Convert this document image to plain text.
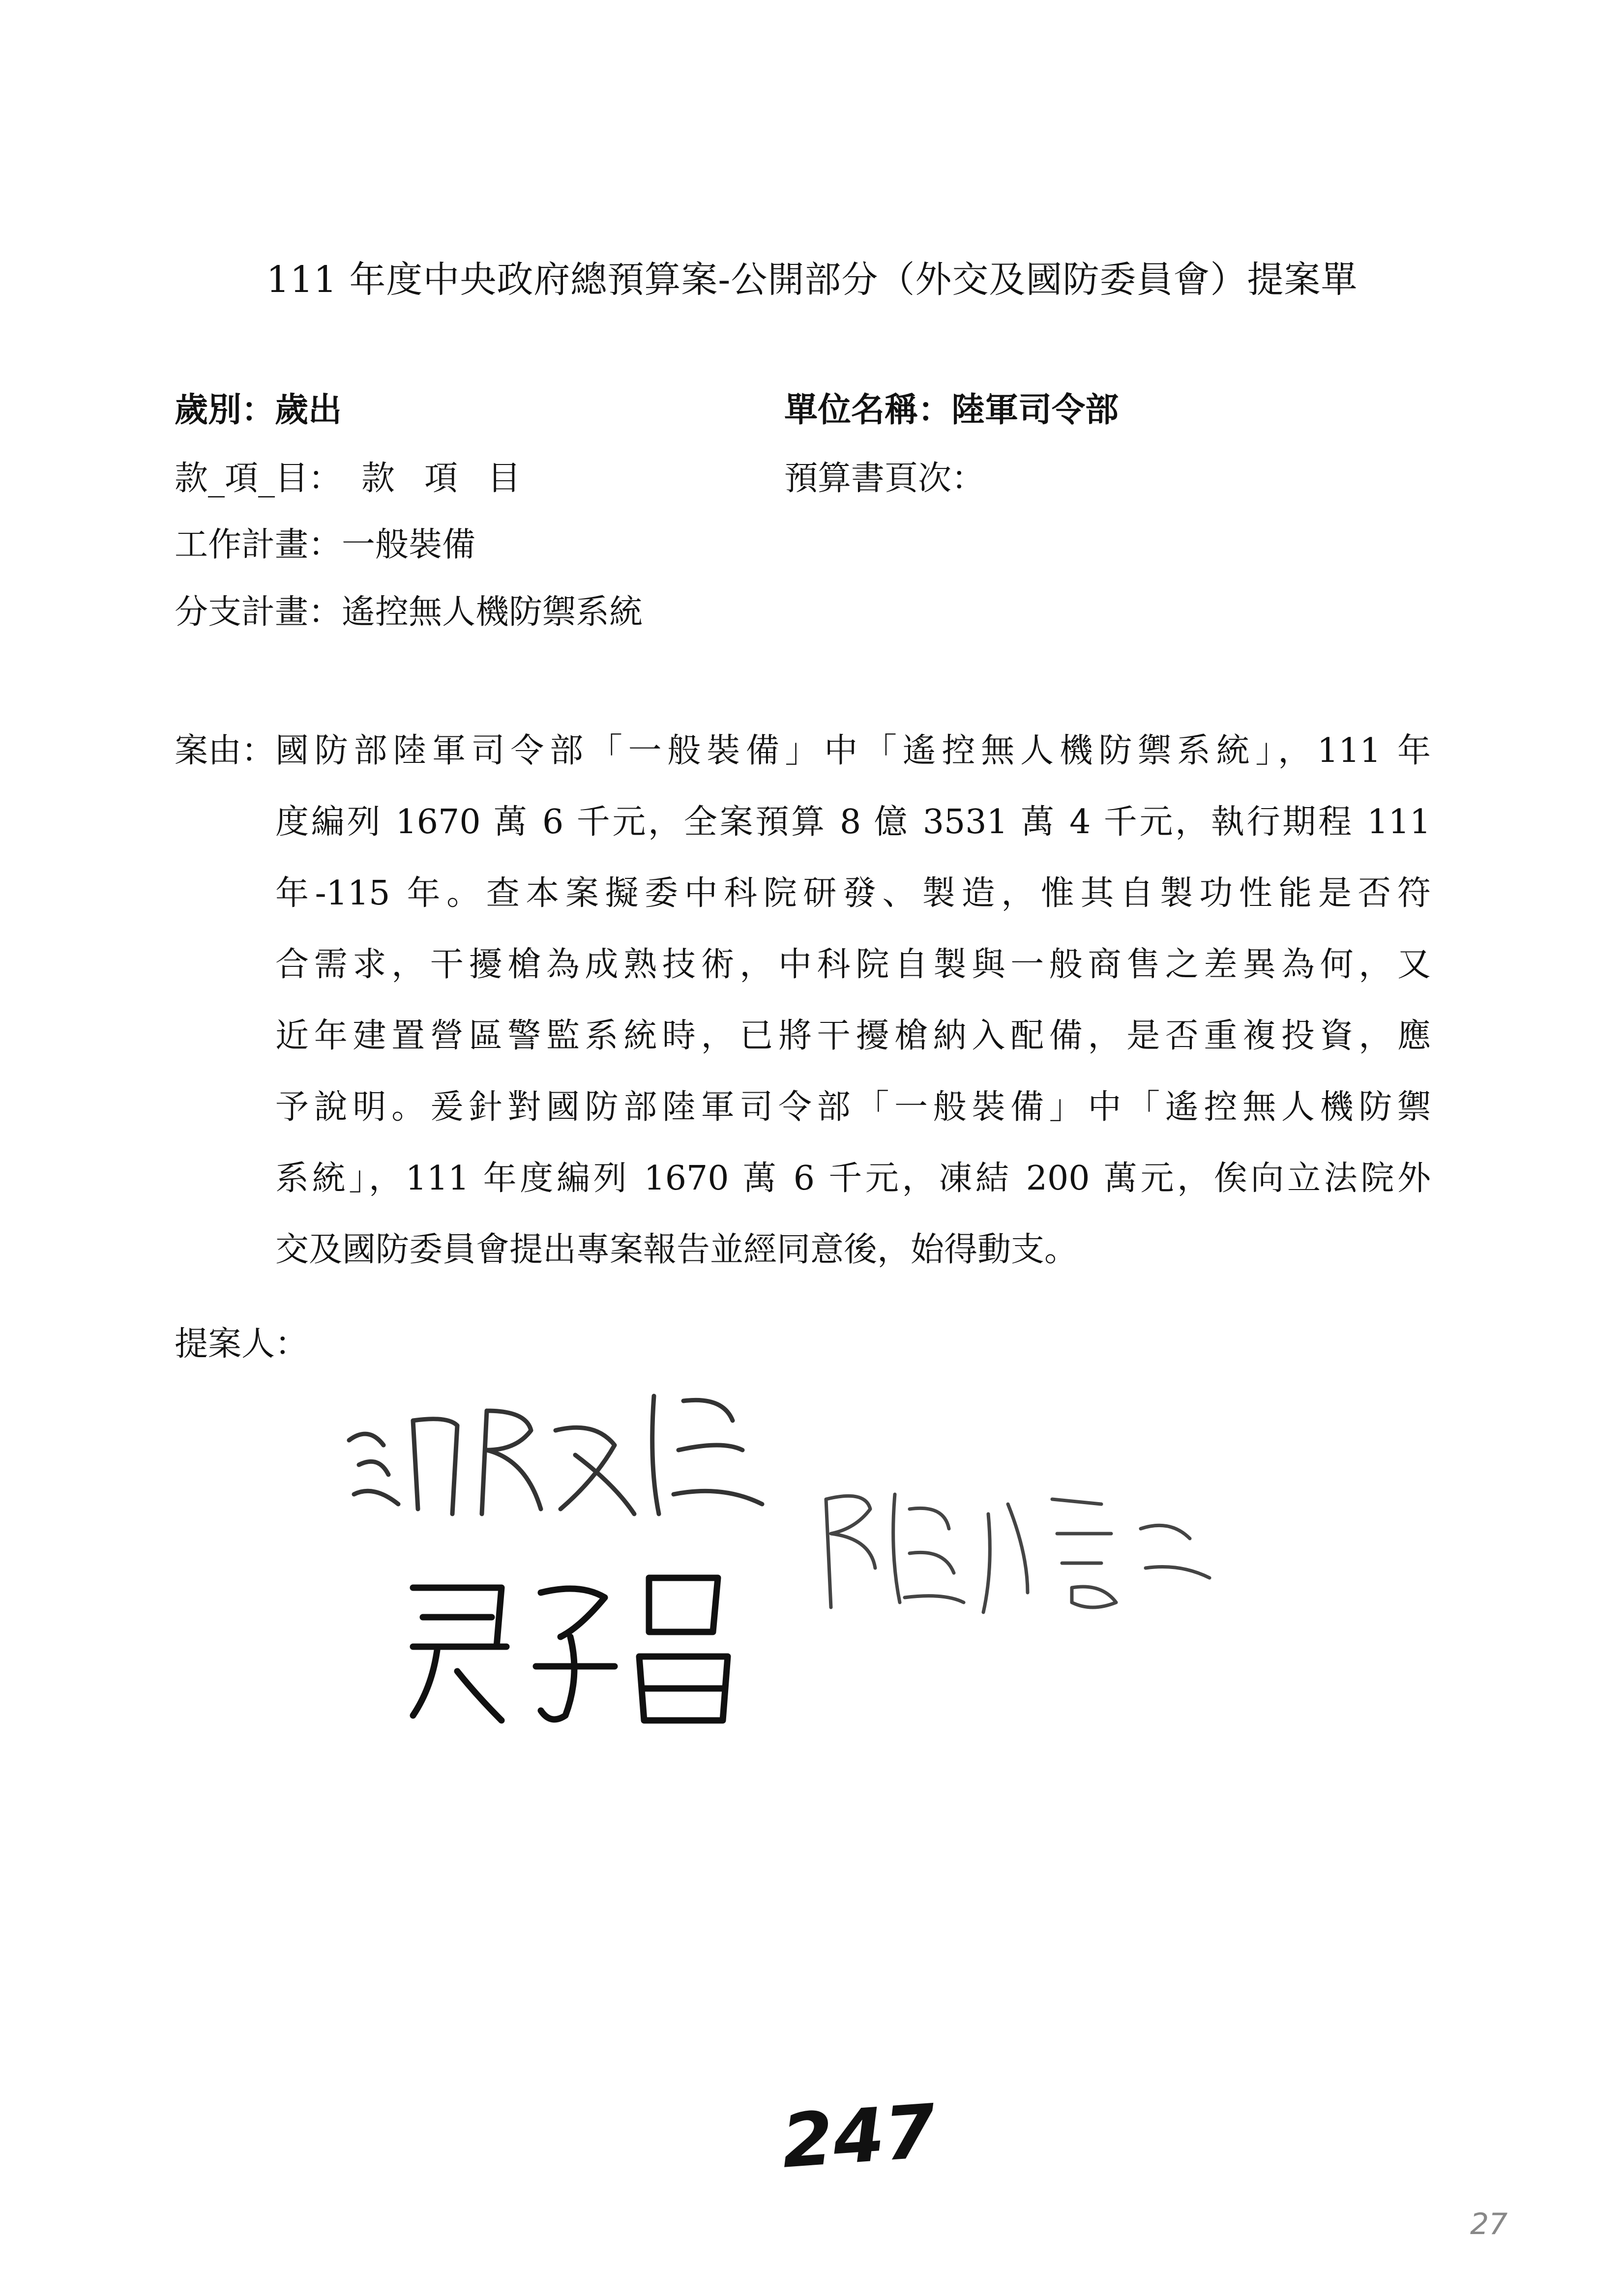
111 年度中央政府總預算案-公開部分（外交及國防委員會）提案單
歲別：歲出	單位名稱：陸軍司令部
款_項_目： 款項目	預算書頁次：
工作計畫：一般裝備
分支計畫：遙控無人機防禦系統
案由： 國防部陸軍司令部「一般裝備」中「遙控無人機防禦系統」，111 年
度編列 1670 萬 6 千元，全案預算 8 億 3531 萬 4 千元，執行期程 111
年-115 年。查本案擬委中科院研發、製造，惟其自製功性能是否符
合需求，干擾槍為成熟技術，中科院自製與一般商售之差異為何，又
近年建置營區警監系統時，已將干擾槍納入配備，是否重複投資，應
予說明。爰針對國防部陸軍司令部「一般裝備」中「遙控無人機防禦
系統」，111 年度編列 1670 萬 6 千元，凍結 200 萬元，俟向立法院外
交及國防委員會提出專案報告並經同意後，始得動支。
提案人：
247
27
